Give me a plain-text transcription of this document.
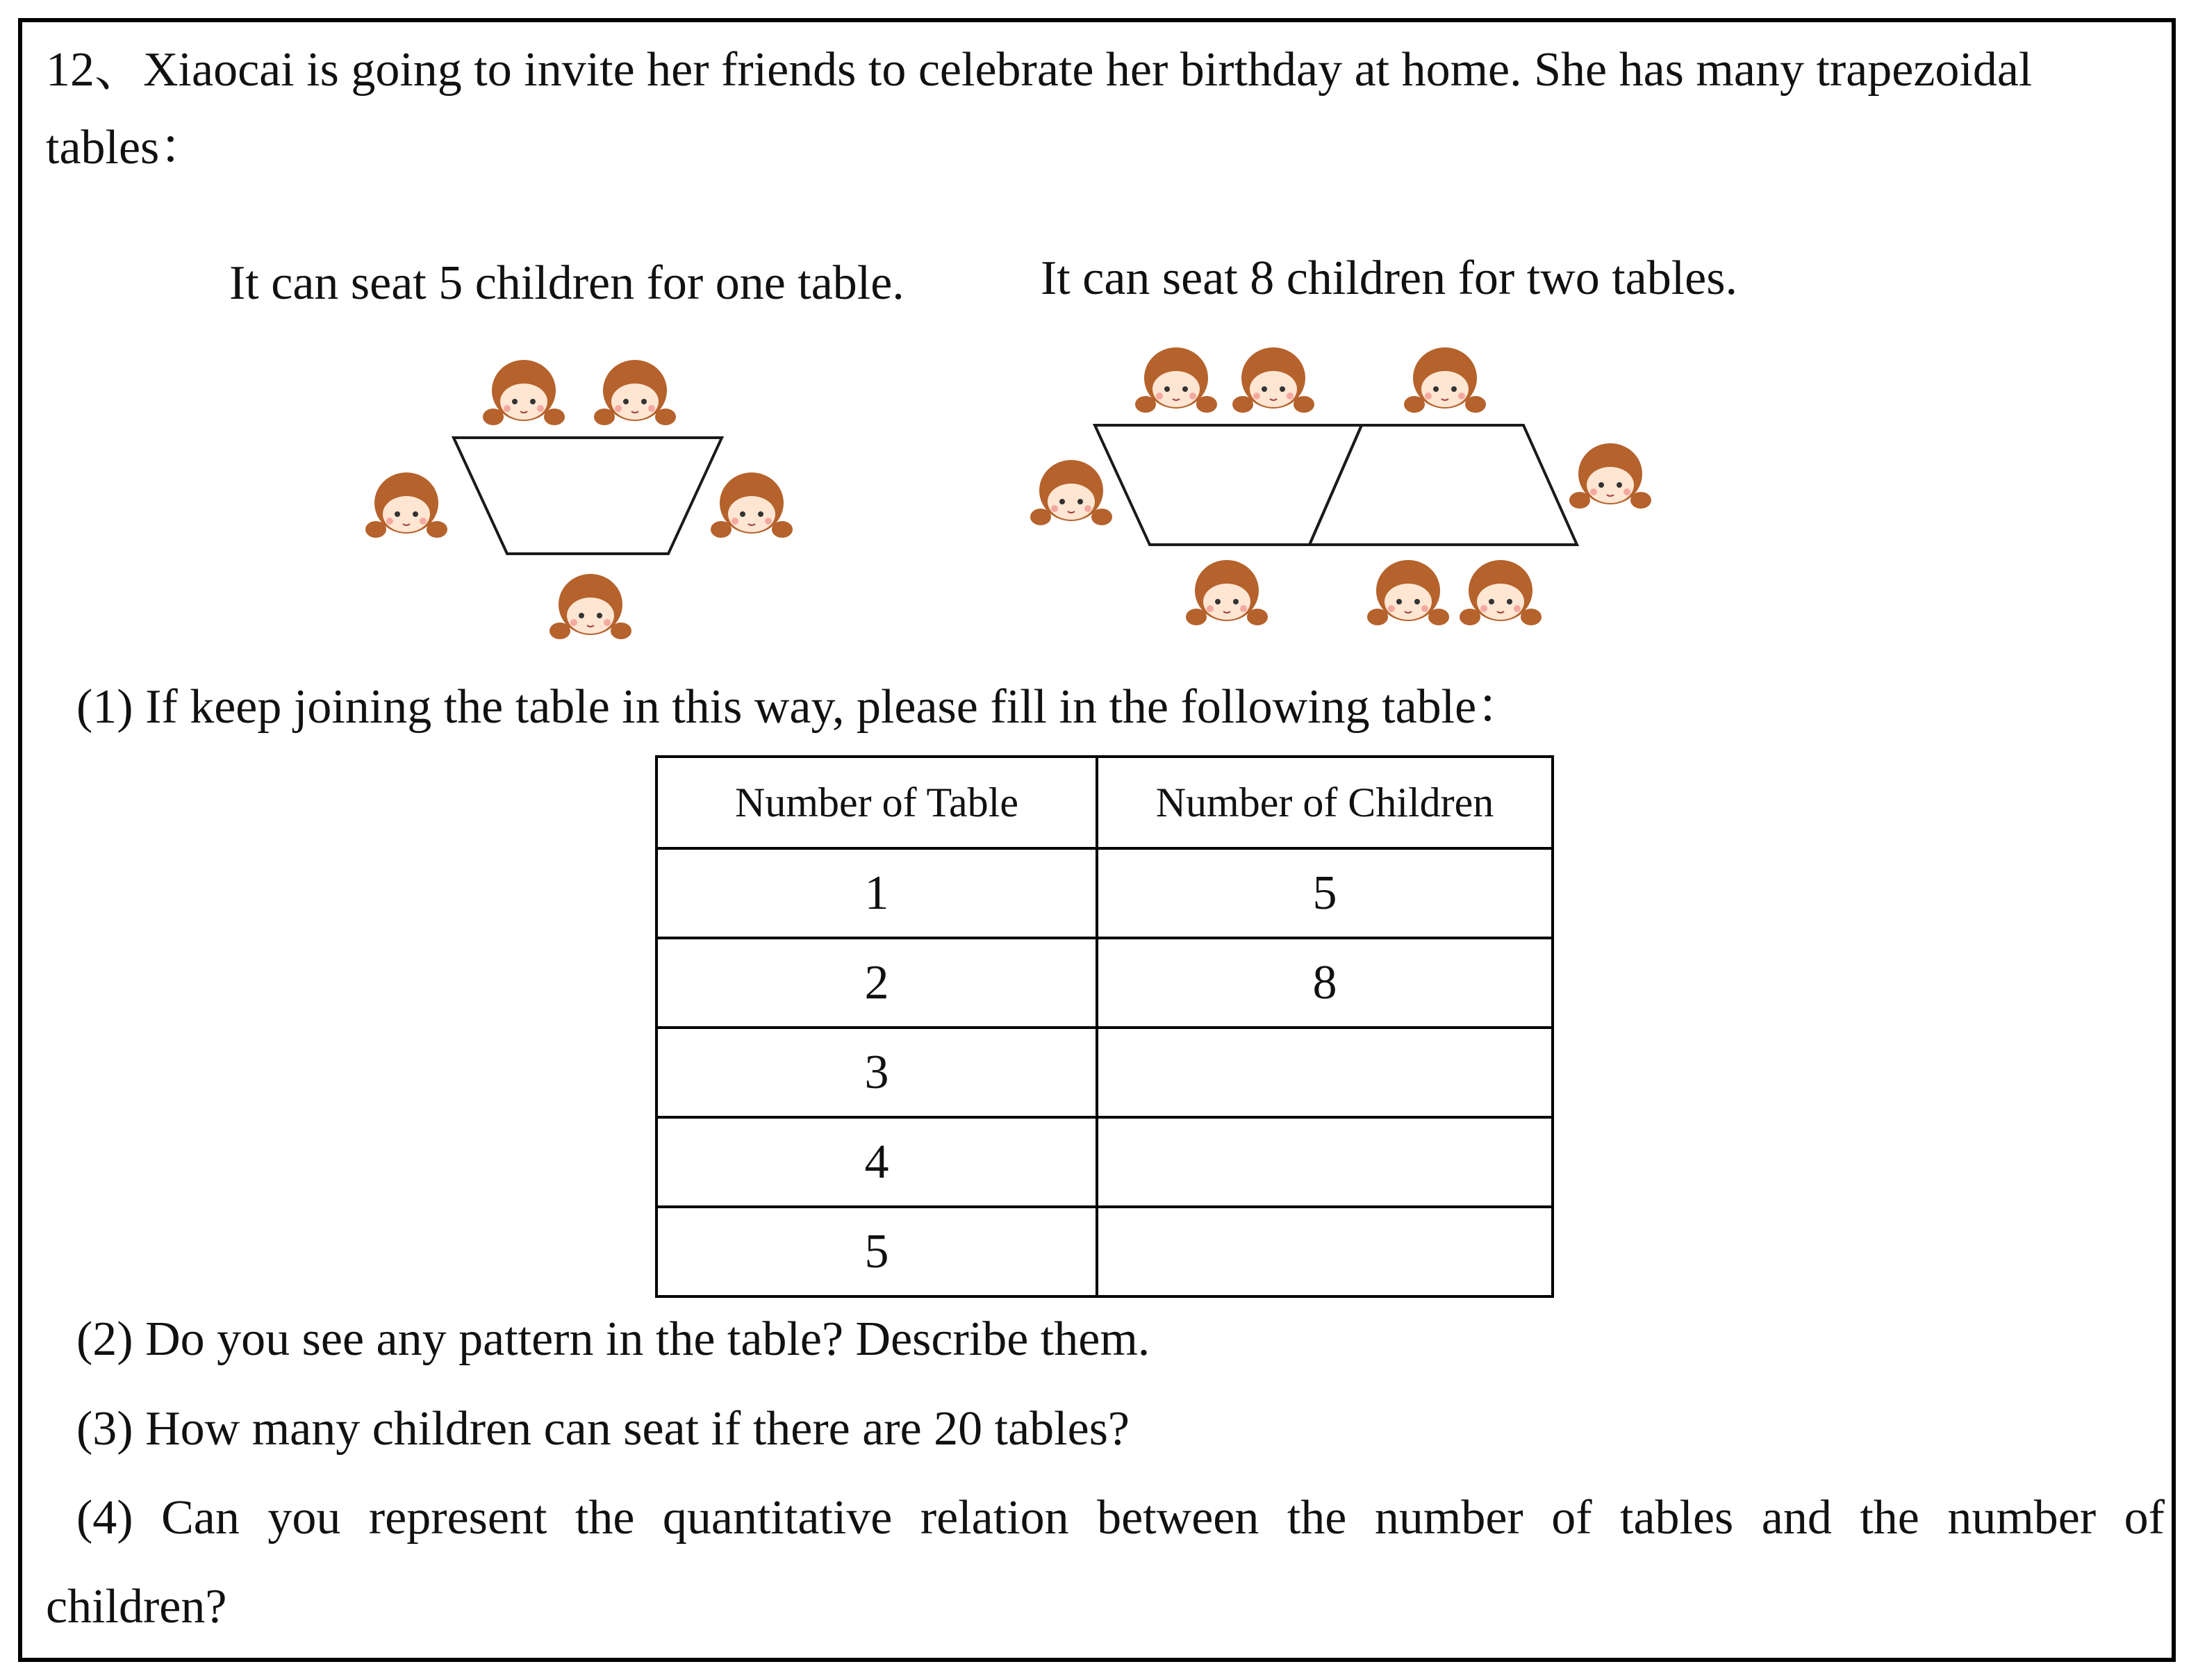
12、Xiaocai is going to invite her friends to celebrate her birthday at home. She has many trapezoidal
tables：
It can seat 5 children for one table.	It can seat 8 children for two tables.
(1) If keep joining the table in this way, please fill in the following table：
Number of Table	Number of Children
1	5
2	8
3	
4	
5	
(2) Do you see any pattern in the table? Describe them.
(3) How many children can seat if there are 20 tables?
(4) Can you represent the quantitative relation between the number of tables and the number of
children?
